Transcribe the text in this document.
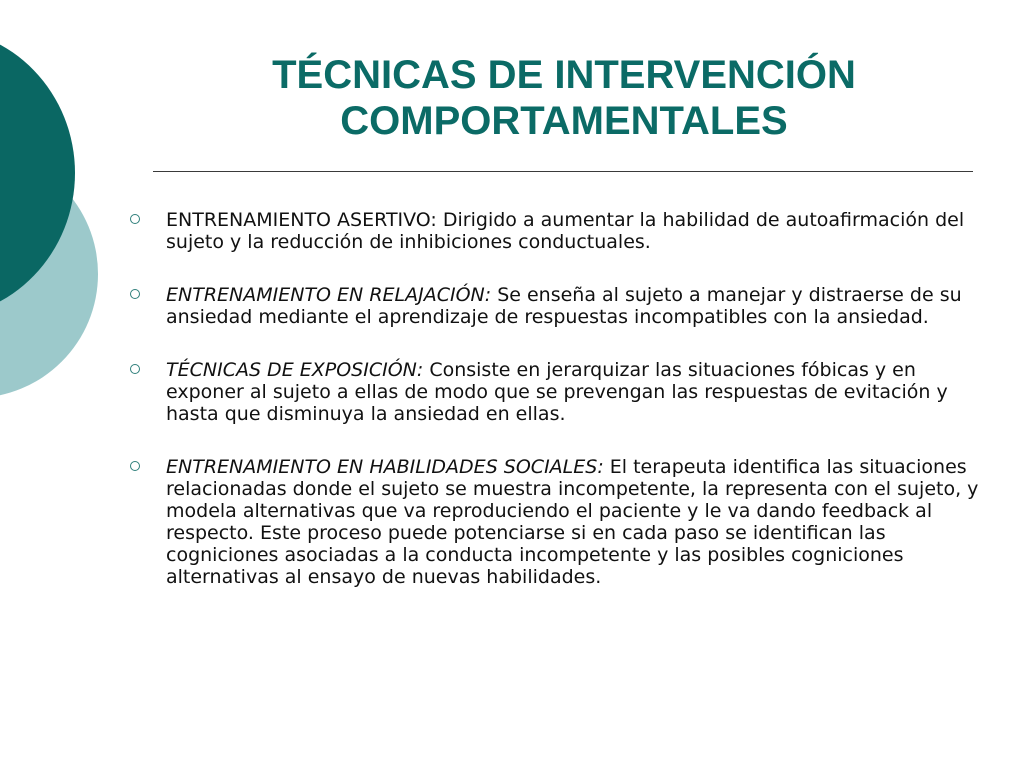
TÉCNICAS DE INTERVENCIÓN
COMPORTAMENTALES
ENTRENAMIENTO ASERTIVO: Dirigido a aumentar la habilidad de autoafirmación del sujeto y la reducción de inhibiciones conductuales.
ENTRENAMIENTO EN RELAJACIÓN: Se enseña al sujeto a manejar y distraerse de su ansiedad mediante el aprendizaje de respuestas incompatibles con la ansiedad.
TÉCNICAS DE EXPOSICIÓN: Consiste en jerarquizar las situaciones fóbicas y en exponer al sujeto a ellas de modo que se prevengan las respuestas de evitación y hasta que disminuya la ansiedad en ellas.
ENTRENAMIENTO EN HABILIDADES SOCIALES: El terapeuta identifica las situaciones relacionadas donde el sujeto se muestra incompetente, la representa con el sujeto, y modela alternativas que va reproduciendo el paciente y le va dando feedback al respecto. Este proceso puede potenciarse si en cada paso se identifican las cogniciones asociadas a la conducta incompetente y las posibles cogniciones alternativas al ensayo de nuevas habilidades.
